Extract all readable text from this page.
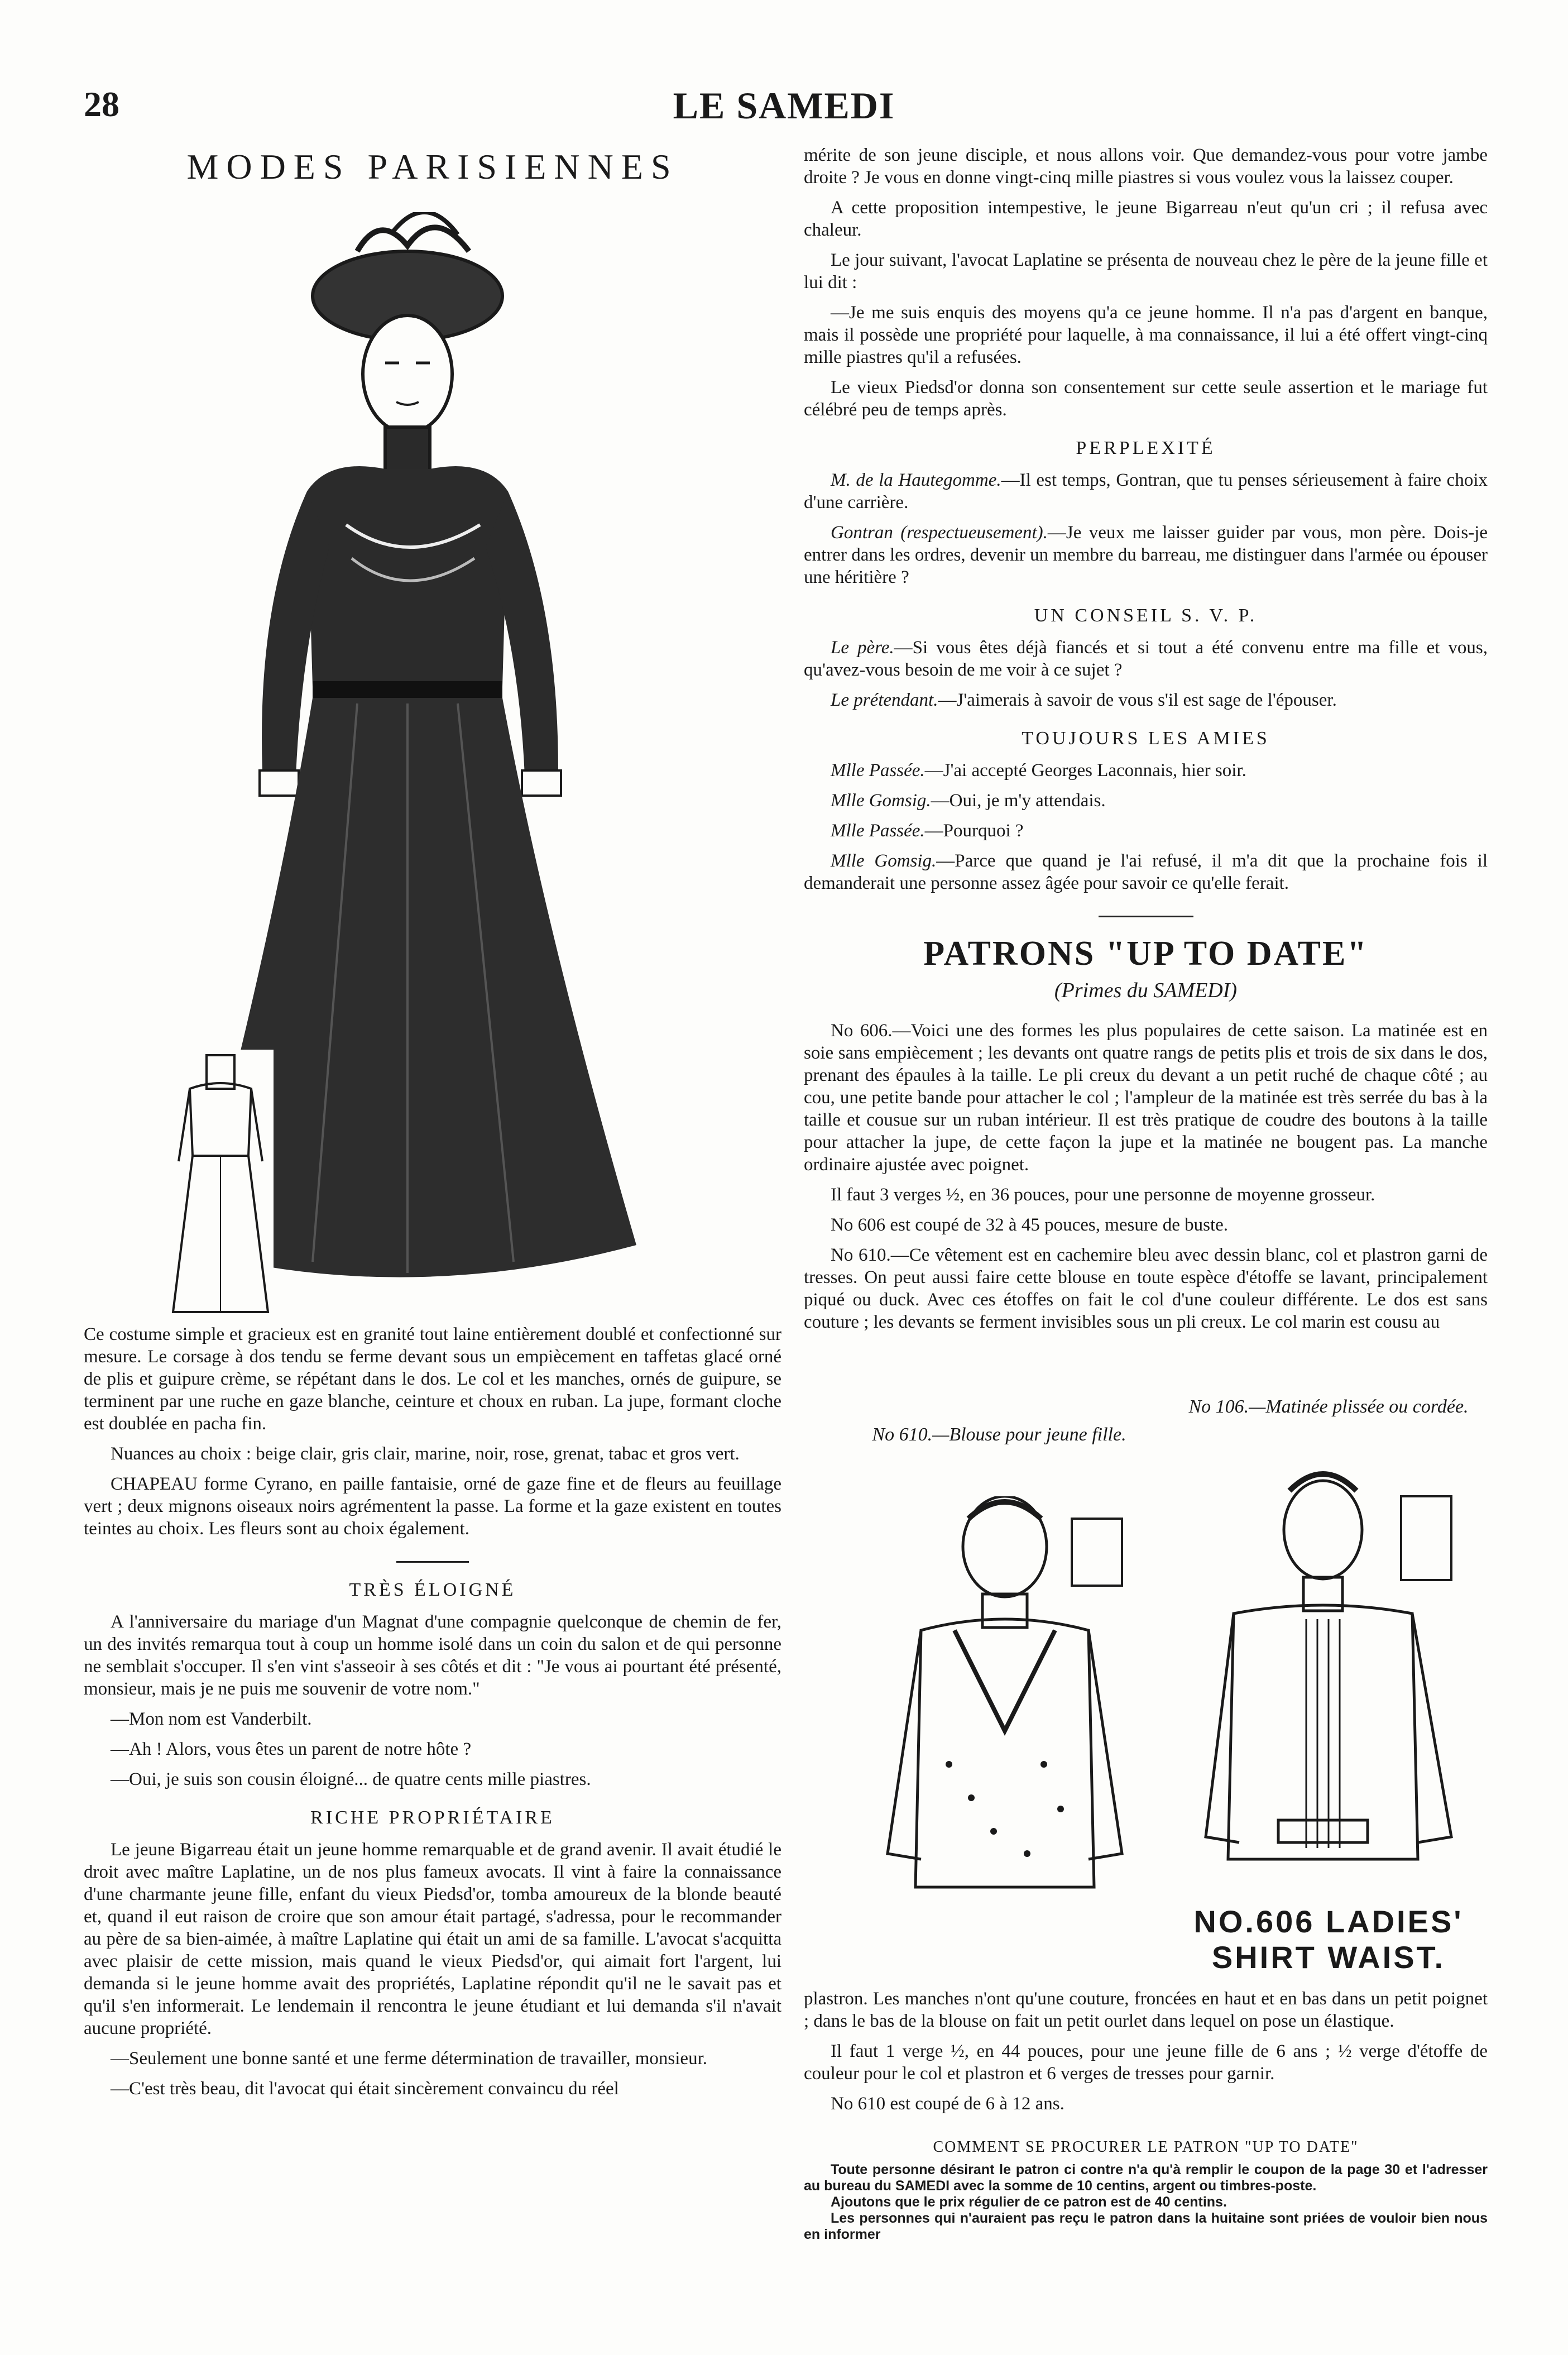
28	LE SAMEDI
MODES PARISIENNES

Ce costume simple et gracieux est en granité tout laine entièrement doublé et confectionné sur mesure. Le corsage à dos tendu se ferme devant sous un empiècement en taffetas glacé orné de plis et guipure crème, se répétant dans le dos. Le col et les manches, ornés de guipure, se terminent par une ruche en gaze blanche, ceinture et choux en ruban. La jupe, formant cloche est doublée en pacha fin.

Nuances au choix : beige clair, gris clair, marine, noir, rose, grenat, tabac et gros vert.

CHAPEAU forme Cyrano, en paille fantaisie, orné de gaze fine et de fleurs au feuillage vert ; deux mignons oiseaux noirs agrémentent la passe. La forme et la gaze existent en toutes teintes au choix. Les fleurs sont au choix également.

TRÈS ÉLOIGNÉ

A l'anniversaire du mariage d'un Magnat d'une compagnie quelconque de chemin de fer, un des invités remarqua tout à coup un homme isolé dans un coin du salon et de qui personne ne semblait s'occuper. Il s'en vint s'asseoir à ses côtés et dit : "Je vous ai pourtant été présenté, monsieur, mais je ne puis me souvenir de votre nom."

—Mon nom est Vanderbilt.

—Ah ! Alors, vous êtes un parent de notre hôte ?

—Oui, je suis son cousin éloigné... de quatre cents mille piastres.

RICHE PROPRIÉTAIRE

Le jeune Bigarreau était un jeune homme remarquable et de grand avenir. Il avait étudié le droit avec maître Laplatine, un de nos plus fameux avocats. Il vint à faire la connaissance d'une charmante jeune fille, enfant du vieux Piedsd'or, tomba amoureux de la blonde beauté et, quand il eut raison de croire que son amour était partagé, s'adressa, pour le recommander au père de sa bien-aimée, à maître Laplatine qui était un ami de sa famille. L'avocat s'acquitta avec plaisir de cette mission, mais quand le vieux Piedsd'or, qui aimait fort l'argent, lui demanda si le jeune homme avait des propriétés, Laplatine répondit qu'il ne le savait pas et qu'il s'en informerait. Le lendemain il rencontra le jeune étudiant et lui demanda s'il n'avait aucune propriété.

—Seulement une bonne santé et une ferme détermination de travailler, monsieur.

—C'est très beau, dit l'avocat qui était sincèrement convaincu du réel

mérite de son jeune disciple, et nous allons voir. Que demandez-vous pour votre jambe droite ? Je vous en donne vingt-cinq mille piastres si vous voulez vous la laissez couper.

A cette proposition intempestive, le jeune Bigarreau n'eut qu'un cri ; il refusa avec chaleur.

Le jour suivant, l'avocat Laplatine se présenta de nouveau chez le père de la jeune fille et lui dit :

—Je me suis enquis des moyens qu'a ce jeune homme. Il n'a pas d'argent en banque, mais il possède une propriété pour laquelle, à ma connaissance, il lui a été offert vingt-cinq mille piastres qu'il a refusées.

Le vieux Piedsd'or donna son consentement sur cette seule assertion et le mariage fut célébré peu de temps après.

PERPLEXITÉ

M. de la Hautegomme.—Il est temps, Gontran, que tu penses sérieusement à faire choix d'une carrière.

Gontran (respectueusement).—Je veux me laisser guider par vous, mon père. Dois-je entrer dans les ordres, devenir un membre du barreau, me distinguer dans l'armée ou épouser une héritière ?

UN CONSEIL S. V. P.

Le père.—Si vous êtes déjà fiancés et si tout a été convenu entre ma fille et vous, qu'avez-vous besoin de me voir à ce sujet ?

Le prétendant.—J'aimerais à savoir de vous s'il est sage de l'épouser.

TOUJOURS LES AMIES

Mlle Passée.—J'ai accepté Georges Laconnais, hier soir.

Mlle Gomsig.—Oui, je m'y attendais.

Mlle Passée.—Pourquoi ?

Mlle Gomsig.—Parce que quand je l'ai refusé, il m'a dit que la prochaine fois il demanderait une personne assez âgée pour savoir ce qu'elle ferait.

PATRONS "UP TO DATE"
(Primes du SAMEDI)

No 606.—Voici une des formes les plus populaires de cette saison. La matinée est en soie sans empiècement ; les devants ont quatre rangs de petits plis et trois de six dans le dos, prenant des épaules à la taille. Le pli creux du devant a un petit ruché de chaque côté ; au cou, une petite bande pour attacher le col ; l'ampleur de la matinée est très serrée du bas à la taille et cousue sur un ruban intérieur. Il est très pratique de coudre des boutons à la taille pour attacher la jupe, de cette façon la jupe et la matinée ne bougent pas. La manche ordinaire ajustée avec poignet.

Il faut 3 verges ½, en 36 pouces, pour une personne de moyenne grosseur.

No 606 est coupé de 32 à 45 pouces, mesure de buste.

No 610.—Ce vêtement est en cachemire bleu avec dessin blanc, col et plastron garni de tresses. On peut aussi faire cette blouse en toute espèce d'étoffe se lavant, principalement piqué ou duck. Avec ces étoffes on fait le col d'une couleur différente. Le dos est sans couture ; les devants se ferment invisibles sous un pli creux. Le col marin est cousu au

No 610.—Blouse pour jeune fille.
No 106.—Matinée plissée ou cordée.
NO.606 LADIES'
SHIRT WAIST.

plastron. Les manches n'ont qu'une couture, froncées en haut et en bas dans un petit poignet ; dans le bas de la blouse on fait un petit ourlet dans lequel on pose un élastique.

Il faut 1 verge ½, en 44 pouces, pour une jeune fille de 6 ans ; ½ verge d'étoffe de couleur pour le col et plastron et 6 verges de tresses pour garnir.

No 610 est coupé de 6 à 12 ans.

COMMENT SE PROCURER LE PATRON "UP TO DATE"

Toute personne désirant le patron ci contre n'a qu'à remplir le coupon de la page 30 et l'adresser au bureau du SAMEDI avec la somme de 10 centins, argent ou timbres-poste.

Ajoutons que le prix régulier de ce patron est de 40 centins.

Les personnes qui n'auraient pas reçu le patron dans la huitaine sont priées de vouloir bien nous en informer
